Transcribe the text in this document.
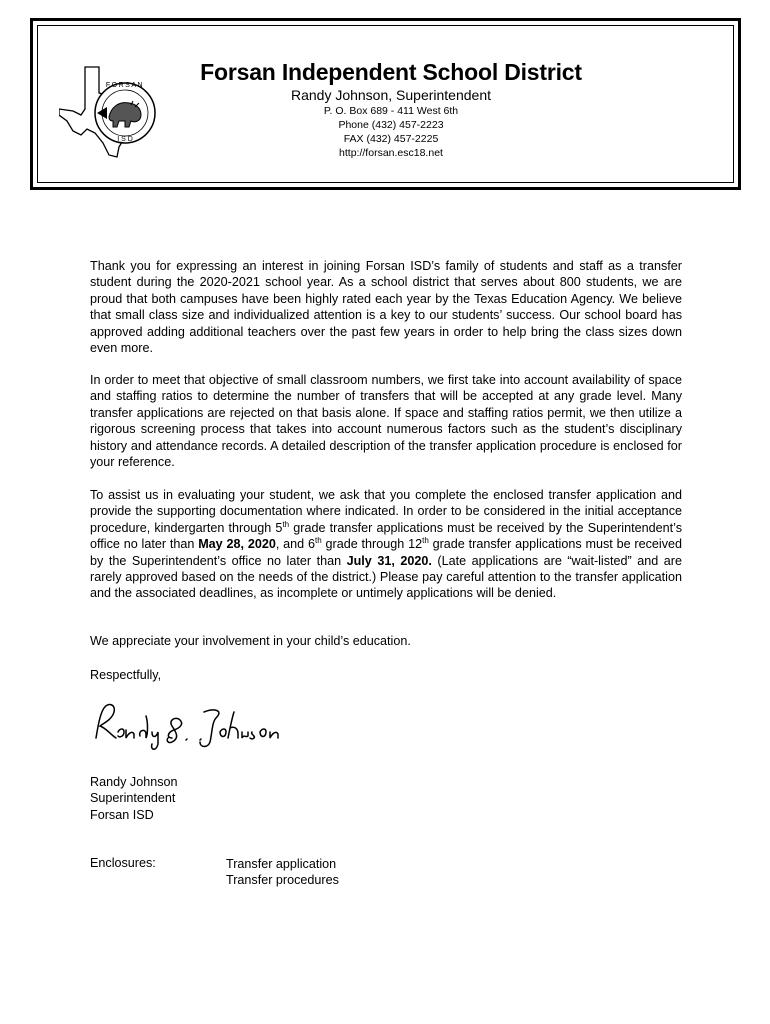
FORSAN
I S D
Forsan Independent School District
Randy Johnson, Superintendent
P. O. Box 689 - 411 West 6th
Phone (432) 457-2223
FAX (432) 457-2225
http://forsan.esc18.net

Thank you for expressing an interest in joining Forsan ISD’s family of students and staff as a transfer student during the 2020-2021 school year. As a school district that serves about 800 students, we are proud that both campuses have been highly rated each year by the Texas Education Agency. We believe that small class size and individualized attention is a key to our students’ success. Our school board has approved adding additional teachers over the past few years in order to help bring the class sizes down even more.

In order to meet that objective of small classroom numbers, we first take into account availability of space and staffing ratios to determine the number of transfers that will be accepted at any grade level. Many transfer applications are rejected on that basis alone. If space and staffing ratios permit, we then utilize a rigorous screening process that takes into account numerous factors such as the student’s disciplinary history and attendance records. A detailed description of the transfer application procedure is enclosed for your reference.

To assist us in evaluating your student, we ask that you complete the enclosed transfer application and provide the supporting documentation where indicated. In order to be considered in the initial acceptance procedure, kindergarten through 5th grade transfer applications must be received by the Superintendent’s office no later than May 28, 2020, and 6th grade through 12th grade transfer applications must be received by the Superintendent’s office no later than July 31, 2020. (Late applications are “wait-listed” and are rarely approved based on the needs of the district.) Please pay careful attention to the transfer application and the associated deadlines, as incomplete or untimely applications will be denied.

We appreciate your involvement in your child’s education.

Respectfully,
Randy Johnson
Superintendent
Forsan ISD
Enclosures:	Transfer application
Transfer procedures
